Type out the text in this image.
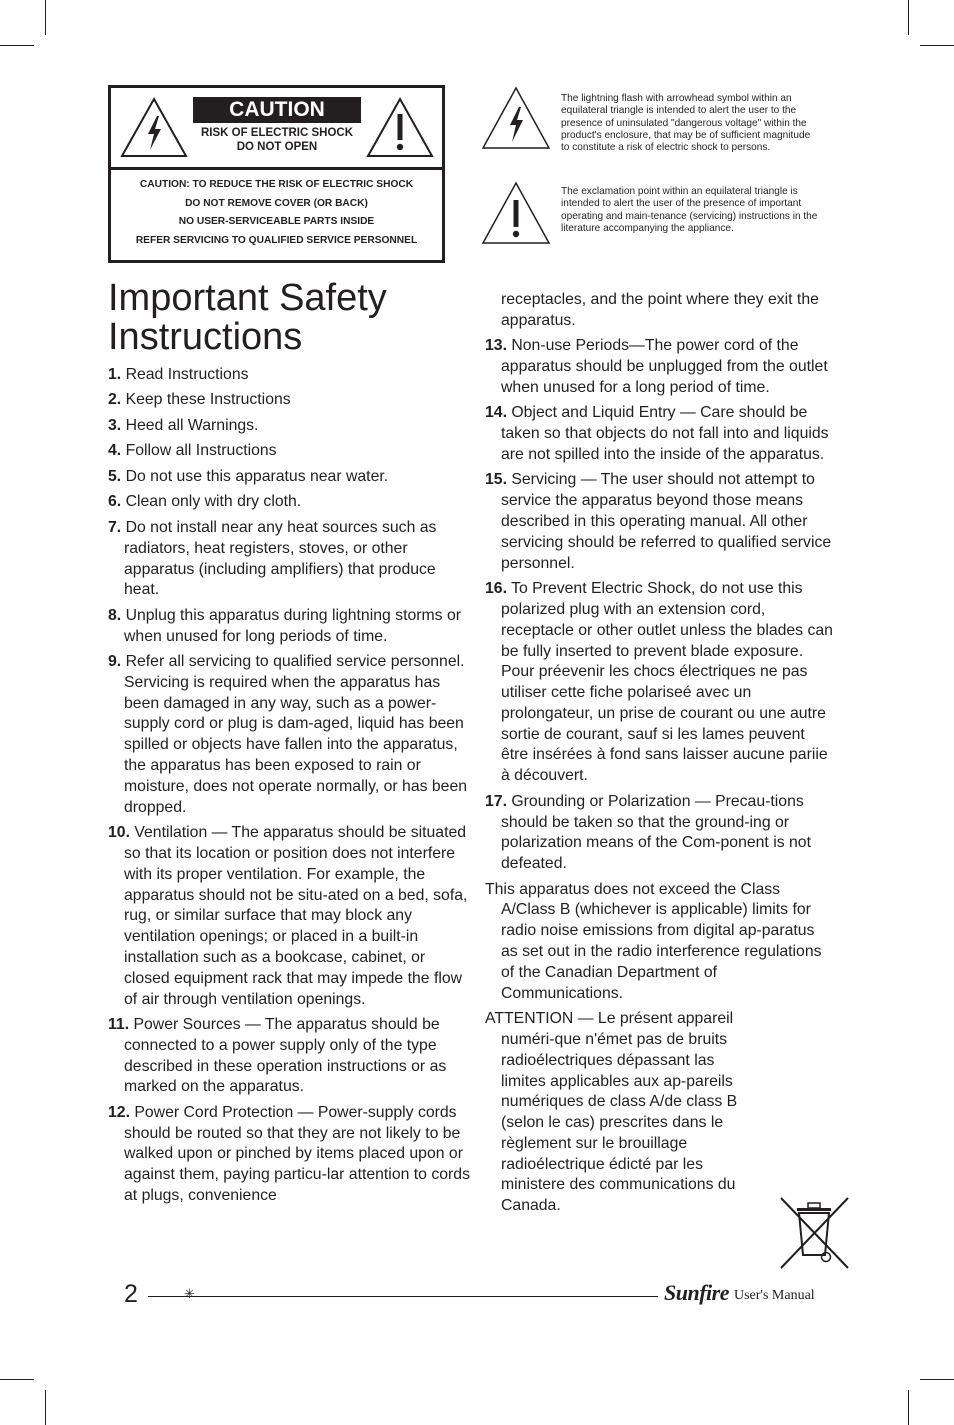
CAUTION
RISK OF ELECTRIC SHOCK
DO NOT OPEN
CAUTION: TO REDUCE THE RISK OF ELECTRIC SHOCK
DO NOT REMOVE COVER (OR BACK)
NO USER-SERVICEABLE PARTS INSIDE
REFER SERVICING TO QUALIFIED SERVICE PERSONNEL
The lightning flash with arrowhead symbol within an equilateral triangle is intended to alert the user to the presence of uninsulated "dangerous voltage" within the product's enclosure, that may be of sufficient magnitude to constitute a risk of electric shock to persons.
The exclamation point within an equilateral triangle is intended to alert the user of the presence of important operating and main-tenance (servicing) instructions in the literature accompanying the appliance.
Important Safety Instructions
1. Read Instructions
2. Keep these Instructions
3. Heed all Warnings.
4. Follow all Instructions
5. Do not use this apparatus near water.
6. Clean only with dry cloth.
7. Do not install near any heat sources such as radiators, heat registers, stoves, or other apparatus (including amplifiers) that produce heat.
8. Unplug this apparatus during lightning storms or when unused for long periods of time.
9. Refer all servicing to qualified service personnel. Servicing is required when the apparatus has been damaged in any way, such as a power-supply cord or plug is dam-aged, liquid has been spilled or objects have fallen into the apparatus, the apparatus has been exposed to rain or moisture, does not operate normally, or has been dropped.
10. Ventilation — The apparatus should be situated so that its location or position does not interfere with its proper ventilation. For example, the apparatus should not be situ-ated on a bed, sofa, rug, or similar surface that may block any ventilation openings; or placed in a built-in installation such as a bookcase, cabinet, or closed equipment rack that may impede the flow of air through ventilation openings.
11. Power Sources — The apparatus should be connected to a power supply only of the type described in these operation instructions or as marked on the apparatus.
12. Power Cord Protection — Power-supply cords should be routed so that they are not likely to be walked upon or pinched by items placed upon or against them, paying particu-lar attention to cords at plugs, convenience
receptacles, and the point where they exit the apparatus.
13. Non-use Periods—The power cord of the apparatus should be unplugged from the outlet when unused for a long period of time.
14. Object and Liquid Entry — Care should be taken so that objects do not fall into and liquids are not spilled into the inside of the apparatus.
15. Servicing — The user should not attempt to service the apparatus beyond those means described in this operating manual. All other servicing should be referred to qualified service personnel.
16. To Prevent Electric Shock, do not use this polarized plug with an extension cord, receptacle or other outlet unless the blades can be fully inserted to prevent blade exposure.
Pour préevenir les chocs électriques ne pas utiliser cette fiche polariseé avec un prolongateur, un prise de courant ou une autre sortie de courant, sauf si les lames peuvent être insérées à fond sans laisser aucune pariie à découvert.
17. Grounding or Polarization — Precau-tions should be taken so that the ground-ing or polarization means of the Com-ponent is not defeated.
This apparatus does not exceed the Class A/Class B (whichever is applicable) limits for radio noise emissions from digital ap-paratus as set out in the radio interference regulations of the Canadian Department of Communications.
ATTENTION — Le présent appareil numéri-que n'émet pas de bruits radioélectriques dépassant las limites applicables aux ap-pareils numériques de class A/de class B (selon le cas) prescrites dans le règlement sur le brouillage radioélectrique édicté par les ministere des communications du Canada.
2	✳	Sunfire User's Manual
